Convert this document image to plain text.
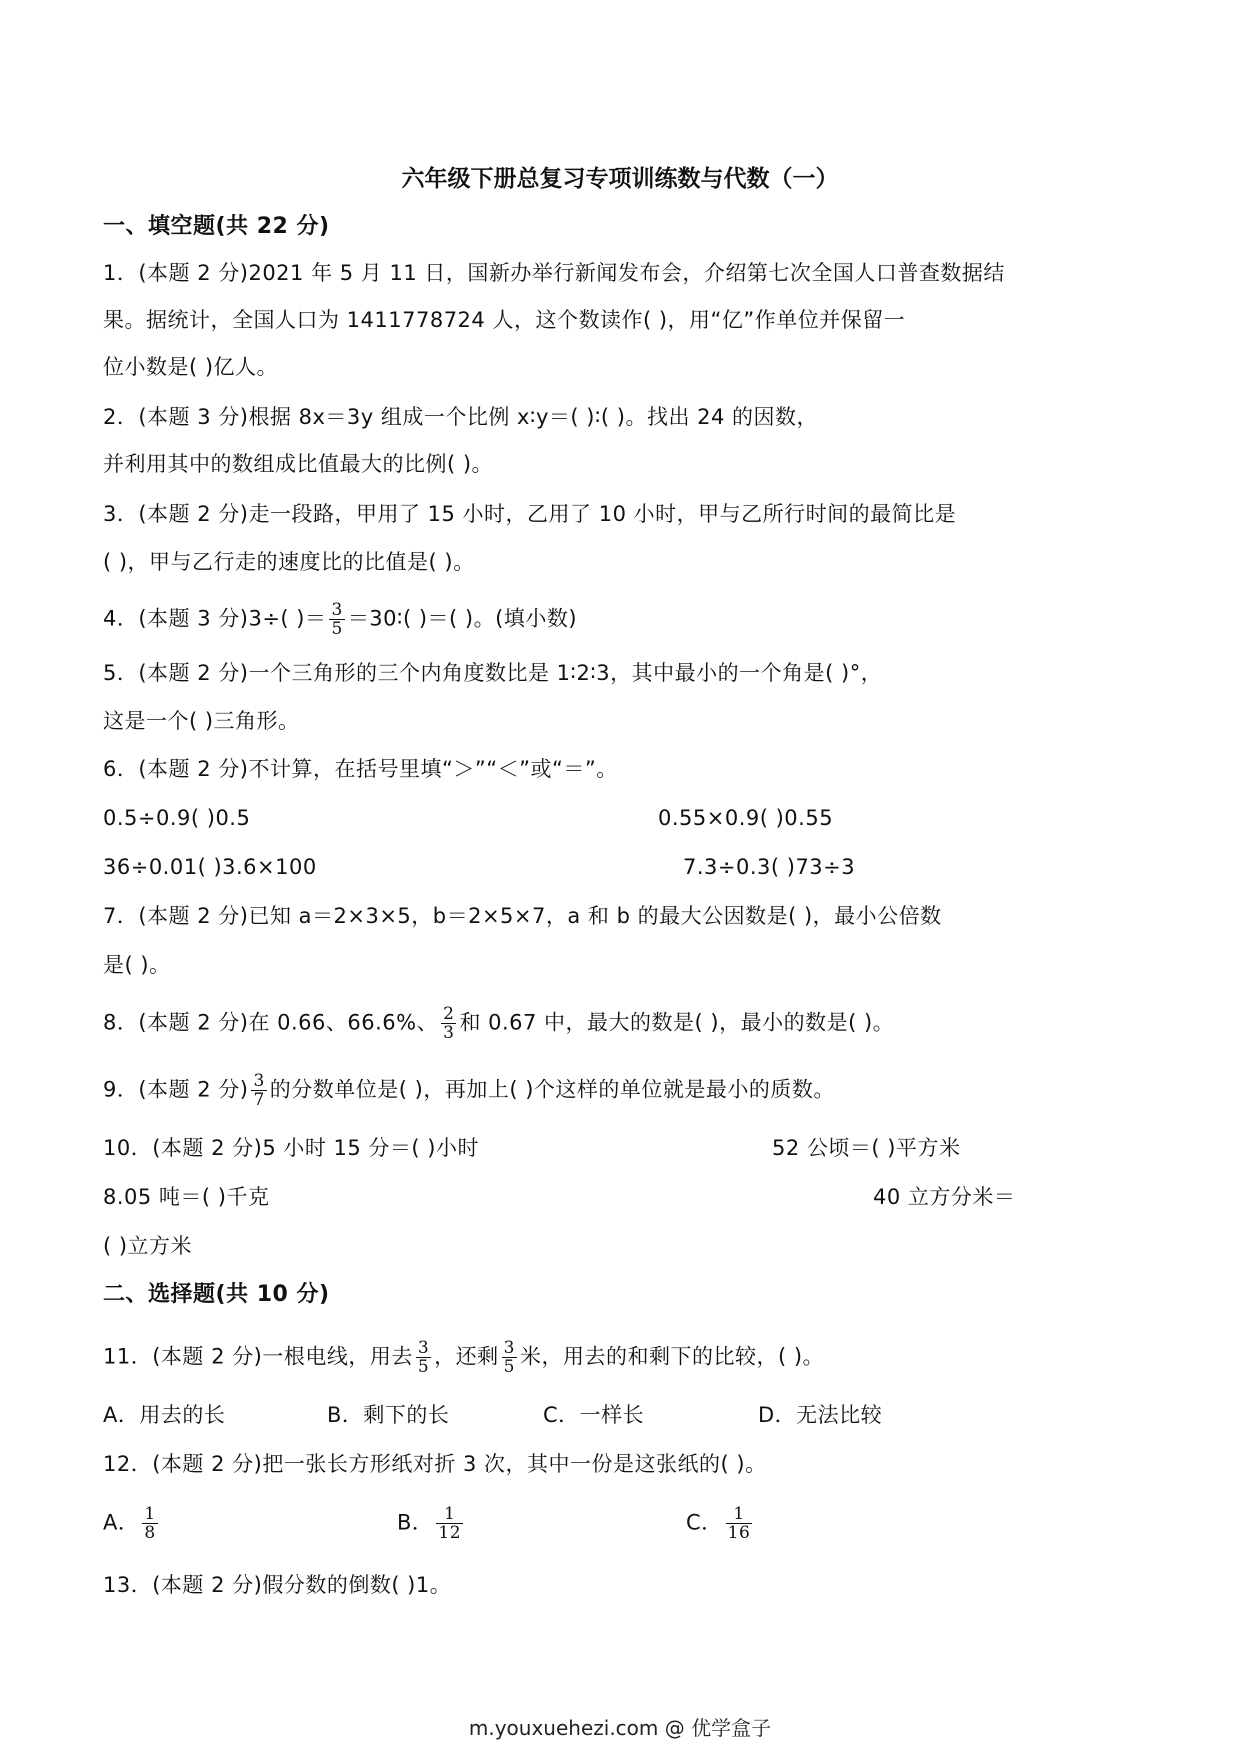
六年级下册总复习专项训练数与代数（一）
一、填空题(共 22 分)
1．(本题 2 分)2021 年 5 月 11 日，国新办举行新闻发布会，介绍第七次全国人口普查数据结
果。据统计，全国人口为 1411778724 人，这个数读作( )，用“亿”作单位并保留一
位小数是( )亿人。
2．(本题 3 分)根据 8x＝3y 组成一个比例 x∶y＝( )∶( )。找出 24 的因数，
并利用其中的数组成比值最大的比例( )。
3．(本题 2 分)走一段路，甲用了 15 小时，乙用了 10 小时，甲与乙所行时间的最简比是
( )，甲与乙行走的速度比的比值是( )。
4．(本题 3 分)3÷( )＝ $\frac{3}{5}$ ＝30∶( )＝( )。(填小数)
5．(本题 2 分)一个三角形的三个内角度数比是 1∶2∶3，其中最小的一个角是( )°，
这是一个( )三角形。
6．(本题 2 分)不计算，在括号里填“＞”“＜”或“＝”。
0.5÷0.9( )0.5	0.55×0.9( )0.55
36÷0.01( )3.6×100	7.3÷0.3( )73÷3
7．(本题 2 分)已知 a＝2×3×5，b＝2×5×7，a 和 b 的最大公因数是( )，最小公倍数
是( )。
8．(本题 2 分)在 0.66、66.6%、 $\frac{2}{3}$ 和 0.67 中，最大的数是( )，最小的数是( )。
9．(本题 2 分) $\frac{3}{7}$ 的分数单位是( )，再加上( )个这样的单位就是最小的质数。
10．(本题 2 分)5 小时 15 分＝( )小时	52 公顷＝( )平方米
8.05 吨＝( )千克	40 立方分米＝
( )立方米
二、选择题(共 10 分)
11．(本题 2 分)一根电线，用去 $\frac{3}{5}$ ，还剩 $\frac{3}{5}$ 米，用去的和剩下的比较，( )。
A．用去的长	B．剩下的长	C．一样长	D．无法比较
12．(本题 2 分)把一张长方形纸对折 3 次，其中一份是这张纸的( )。
A． $\frac{1}{8}$	B． $\frac{1}{12}$	C． $\frac{1}{16}$
13．(本题 2 分)假分数的倒数( )1。
m.youxuehezi.com @ 优学盒子
